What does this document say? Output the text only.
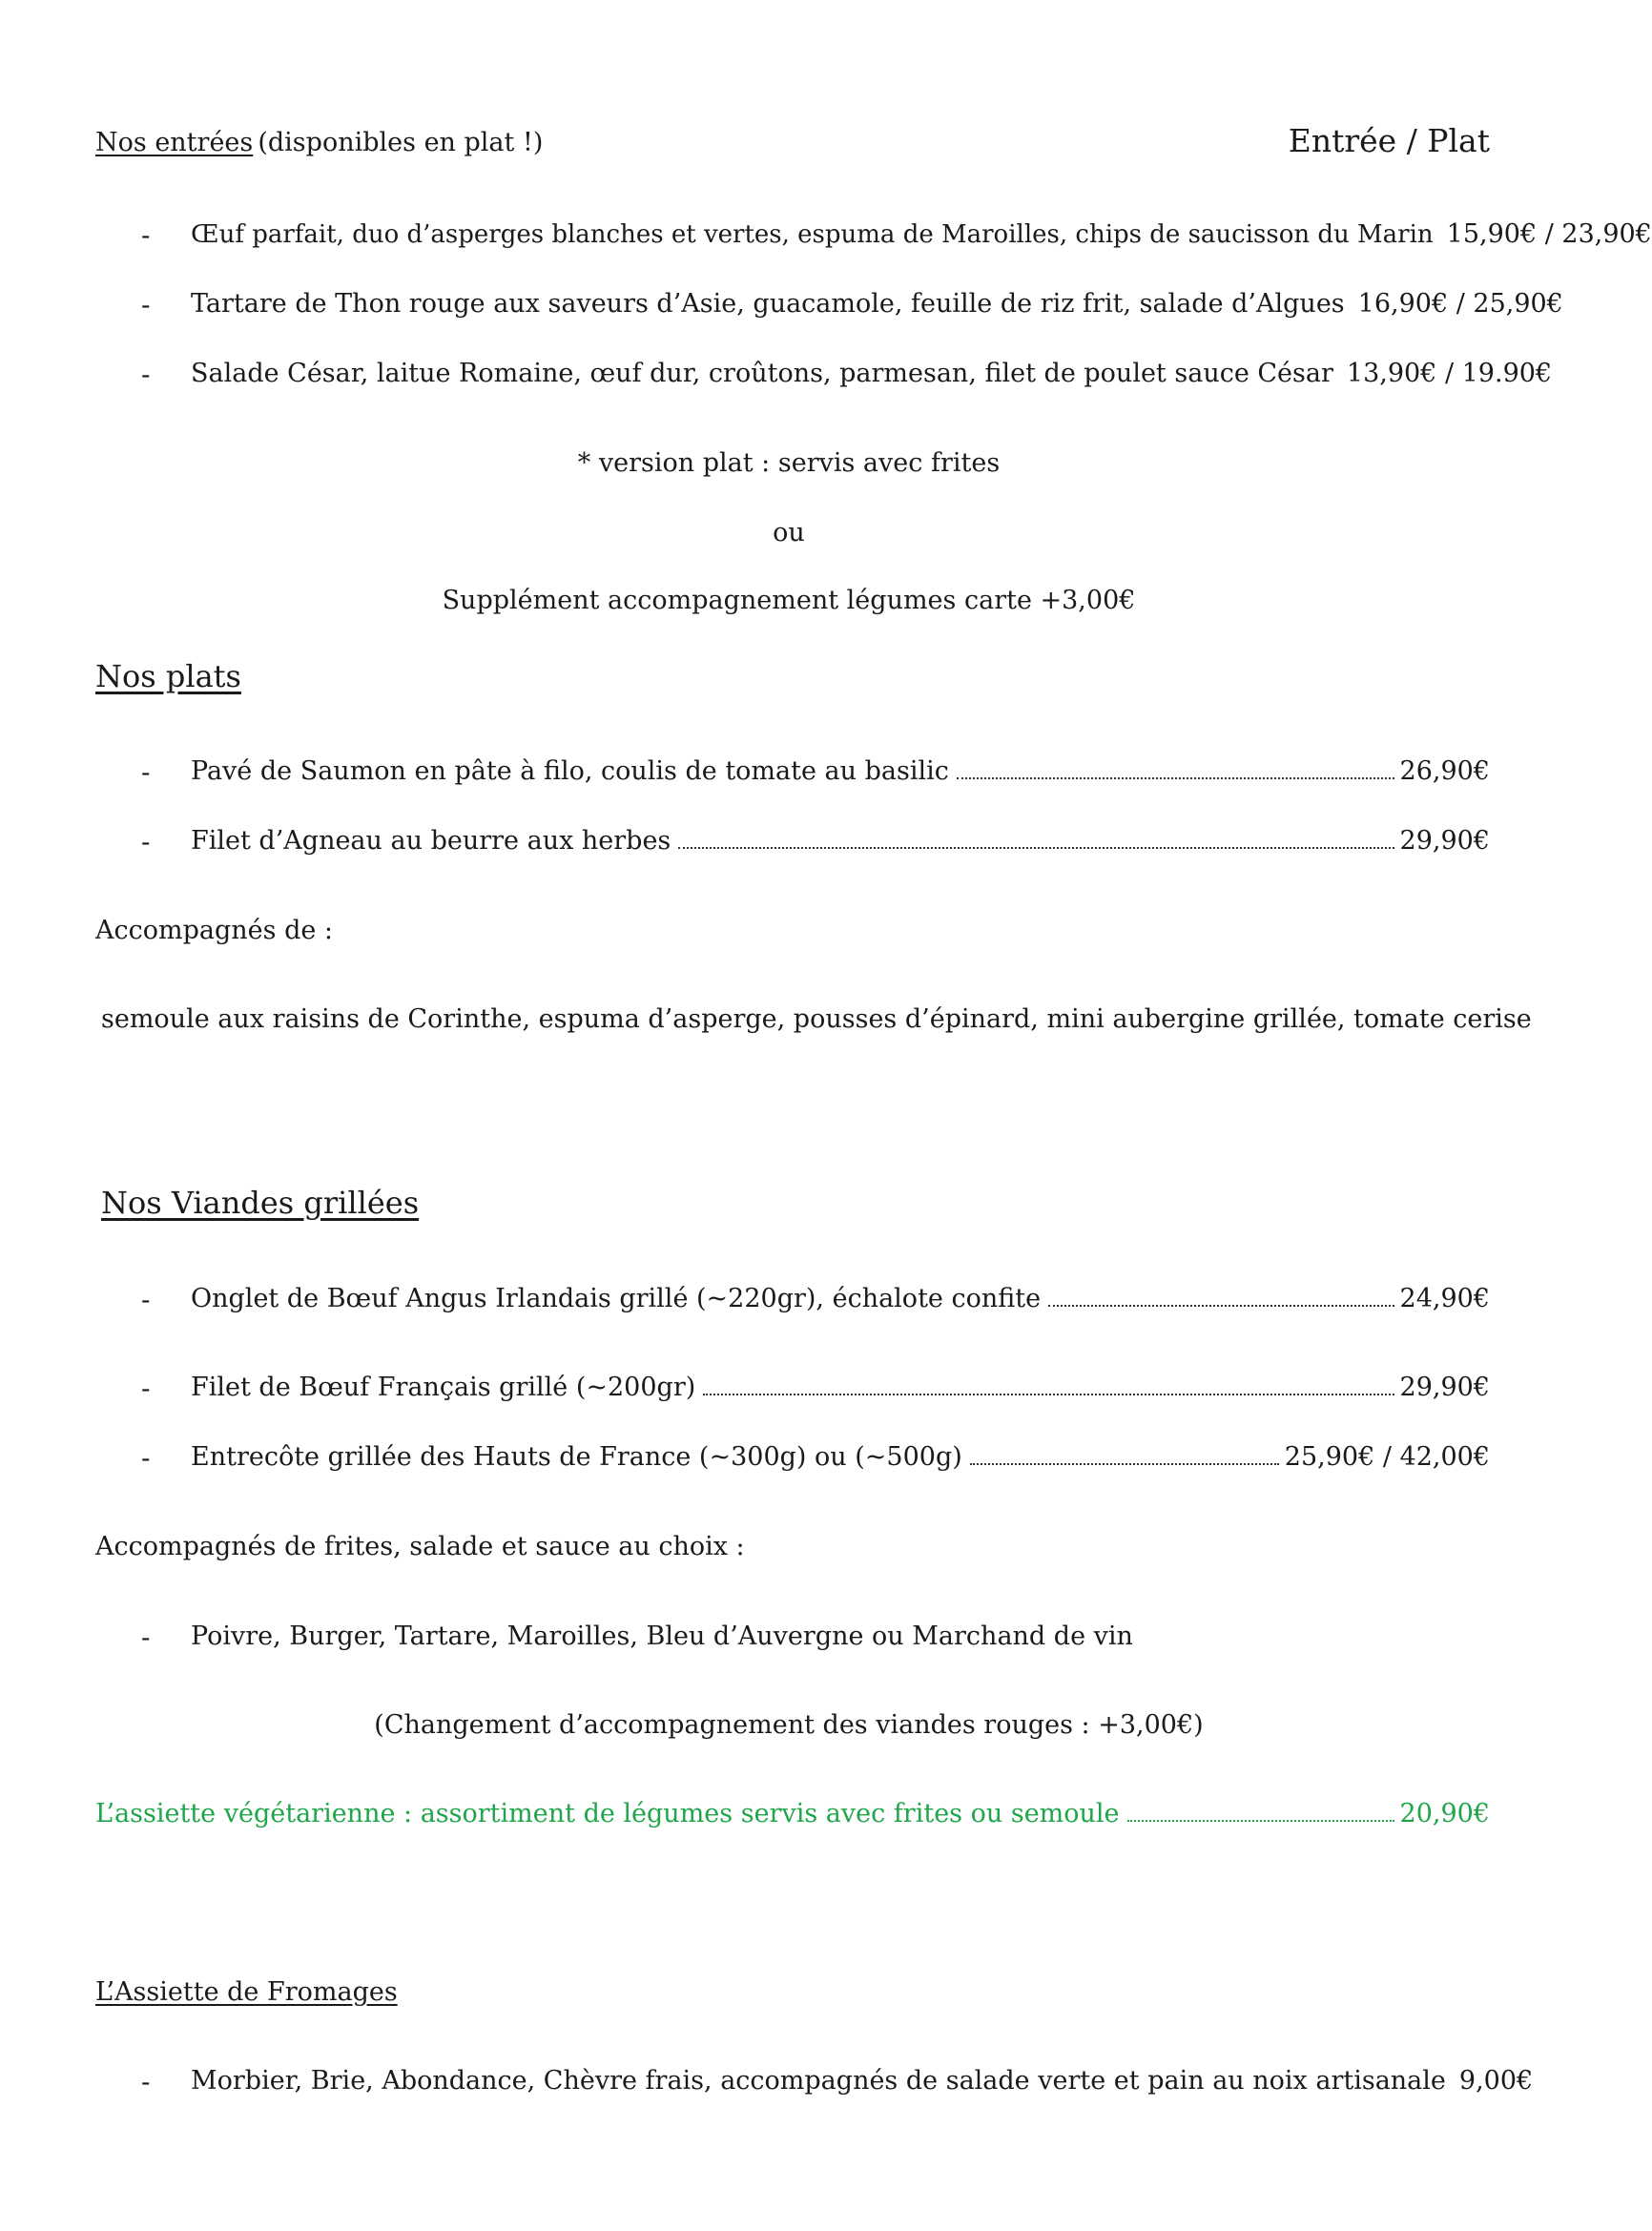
Nos entrées (disponibles en plat !)	Entrée / Plat
- Œuf parfait, duo d’asperges blanches et vertes, espuma de Maroilles, chips de saucisson du Marin 15,90€ / 23,90€
- Tartare de Thon rouge aux saveurs d’Asie, guacamole, feuille de riz frit, salade d’Algues 16,90€ / 25,90€
- Salade César, laitue Romaine, œuf dur, croûtons, parmesan, filet de poulet sauce César 13,90€ / 19.90€
* version plat : servis avec frites
ou
Supplément accompagnement légumes carte +3,00€
Nos plats
- Pavé de Saumon en pâte à filo, coulis de tomate au basilic	26,90€
- Filet d’Agneau au beurre aux herbes	29,90€
Accompagnés de :
semoule aux raisins de Corinthe, espuma d’asperge, pousses d’épinard, mini aubergine grillée, tomate cerise
Nos Viandes grillées
- Onglet de Bœuf Angus Irlandais grillé (~220gr), échalote confite	24,90€
- Filet de Bœuf Français grillé (~200gr)	29,90€
- Entrecôte grillée des Hauts de France (~300g) ou (~500g)	25,90€ / 42,00€
Accompagnés de frites, salade et sauce au choix :
- Poivre, Burger, Tartare, Maroilles, Bleu d’Auvergne ou Marchand de vin
(Changement d’accompagnement des viandes rouges : +3,00€)
L’assiette végétarienne : assortiment de légumes servis avec frites ou semoule	20,90€
L’Assiette de Fromages
- Morbier, Brie, Abondance, Chèvre frais, accompagnés de salade verte et pain au noix artisanale 9,00€
